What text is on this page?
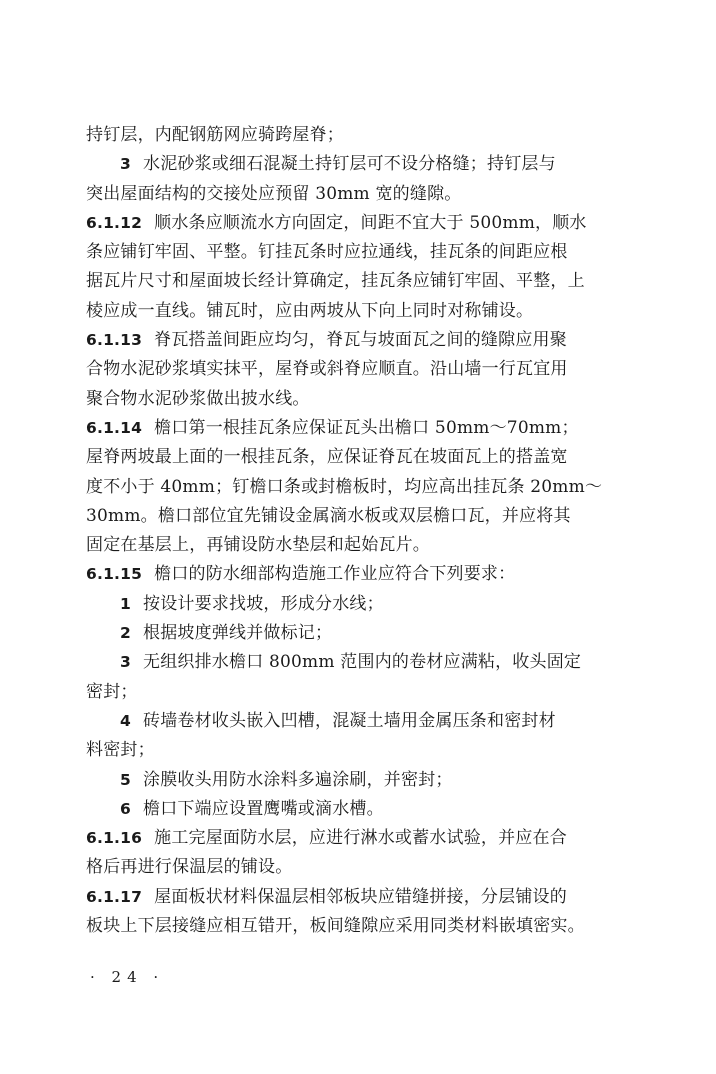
持钉层，内配钢筋网应骑跨屋脊；
3 水泥砂浆或细石混凝土持钉层可不设分格缝；持钉层与
突出屋面结构的交接处应预留 30mm 宽的缝隙。
6.1.12 顺水条应顺流水方向固定，间距不宜大于 500mm，顺水
条应铺钉牢固、平整。钉挂瓦条时应拉通线，挂瓦条的间距应根
据瓦片尺寸和屋面坡长经计算确定，挂瓦条应铺钉牢固、平整，上
棱应成一直线。铺瓦时，应由两坡从下向上同时对称铺设。
6.1.13 脊瓦搭盖间距应均匀，脊瓦与坡面瓦之间的缝隙应用聚
合物水泥砂浆填实抹平，屋脊或斜脊应顺直。沿山墙一行瓦宜用
聚合物水泥砂浆做出披水线。
6.1.14 檐口第一根挂瓦条应保证瓦头出檐口 50mm～70mm；
屋脊两坡最上面的一根挂瓦条，应保证脊瓦在坡面瓦上的搭盖宽
度不小于 40mm；钉檐口条或封檐板时，均应高出挂瓦条 20mm～
30mm。檐口部位宜先铺设金属滴水板或双层檐口瓦，并应将其
固定在基层上，再铺设防水垫层和起始瓦片。
6.1.15 檐口的防水细部构造施工作业应符合下列要求：
1 按设计要求找坡，形成分水线；
2 根据坡度弹线并做标记；
3 无组织排水檐口 800mm 范围内的卷材应满粘，收头固定
密封；
4 砖墙卷材收头嵌入凹槽，混凝土墙用金属压条和密封材
料密封；
5 涂膜收头用防水涂料多遍涂刷，并密封；
6 檐口下端应设置鹰嘴或滴水槽。
6.1.16 施工完屋面防水层，应进行淋水或蓄水试验，并应在合
格后再进行保温层的铺设。
6.1.17 屋面板状材料保温层相邻板块应错缝拼接，分层铺设的
板块上下层接缝应相互错开，板间缝隙应采用同类材料嵌填密实。
· 24 ·
